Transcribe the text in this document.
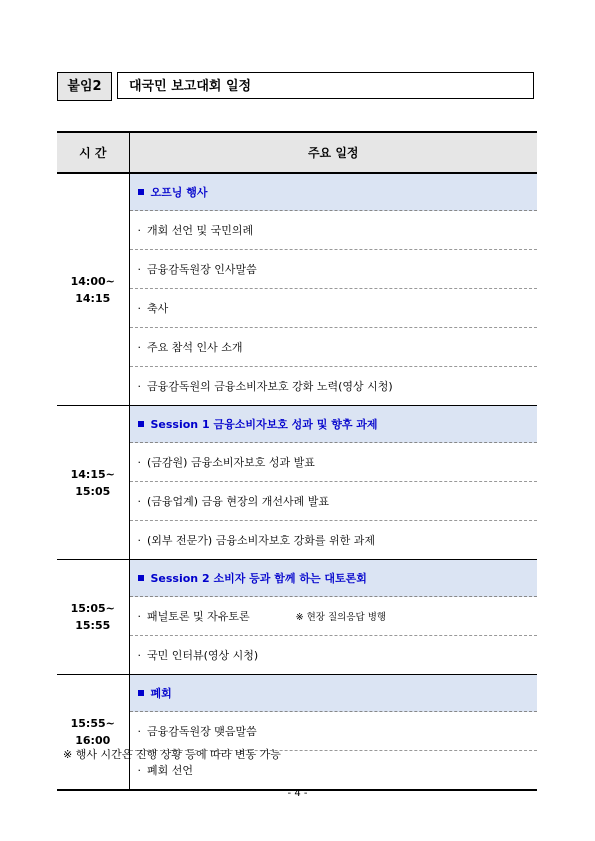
붙임2	대국민 보고대회 일정
시 간	주요 일정
14:00~
14:15	오프닝 행사
	· 개회 선언 및 국민의례
	· 금융감독원장 인사말씀
	· 축사
	· 주요 참석 인사 소개
	· 금융감독원의 금융소비자보호 강화 노력(영상 시청)
14:15~
15:05	Session 1 금융소비자보호 성과 및 향후 과제
	· (금감원) 금융소비자보호 성과 발표
	· (금융업계) 금융 현장의 개선사례 발표
	· (외부 전문가) 금융소비자보호 강화를 위한 과제
15:05~
15:55	Session 2 소비자 등과 함께 하는 대토론회
	· 패널토론 및 자유토론 ※ 현장 질의응답 병행
	· 국민 인터뷰(영상 시청)
15:55~
16:00	폐회
	· 금융감독원장 맺음말씀
	· 폐회 선언
※ 행사 시간은 진행 상황 등에 따라 변동 가능
- 4 -
